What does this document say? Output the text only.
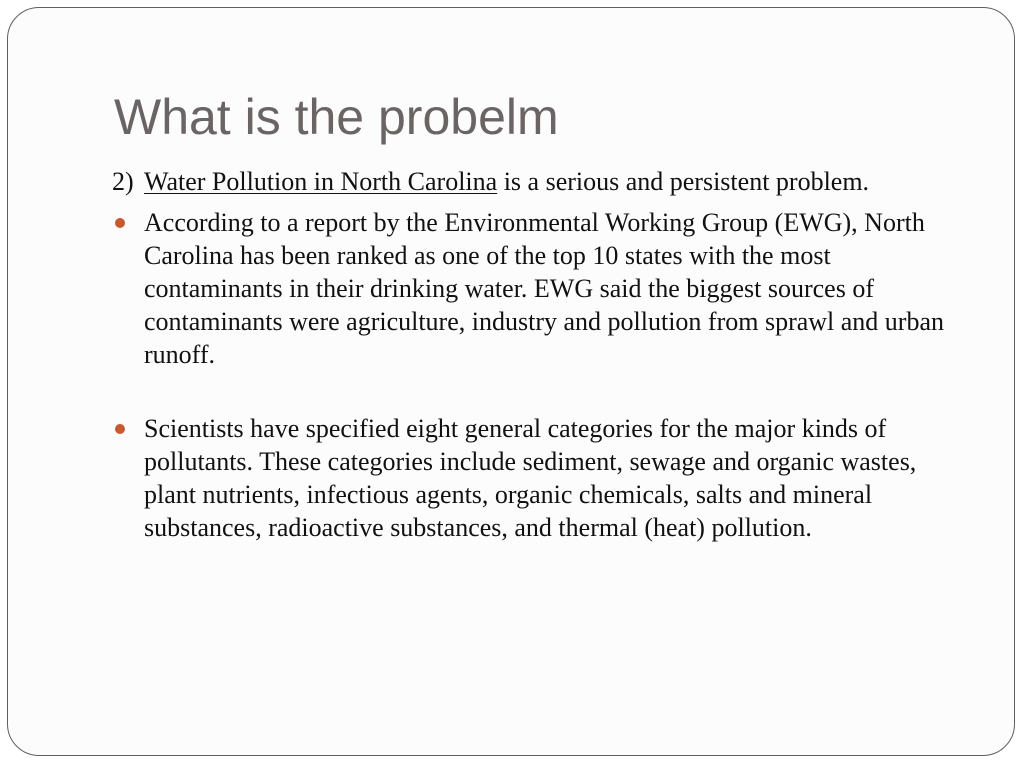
What is the probelm
2) Water Pollution in North Carolina is a serious and persistent problem.
According to a report by the Environmental Working Group (EWG), North Carolina has been ranked as one of the top 10 states with the most contaminants in their drinking water. EWG said the biggest sources of contaminants were agriculture, industry and pollution from sprawl and urban runoff.
Scientists have specified eight general categories for the major kinds of pollutants. These categories include sediment, sewage and organic wastes, plant nutrients, infectious agents, organic chemicals, salts and mineral substances, radioactive substances, and thermal (heat) pollution.
